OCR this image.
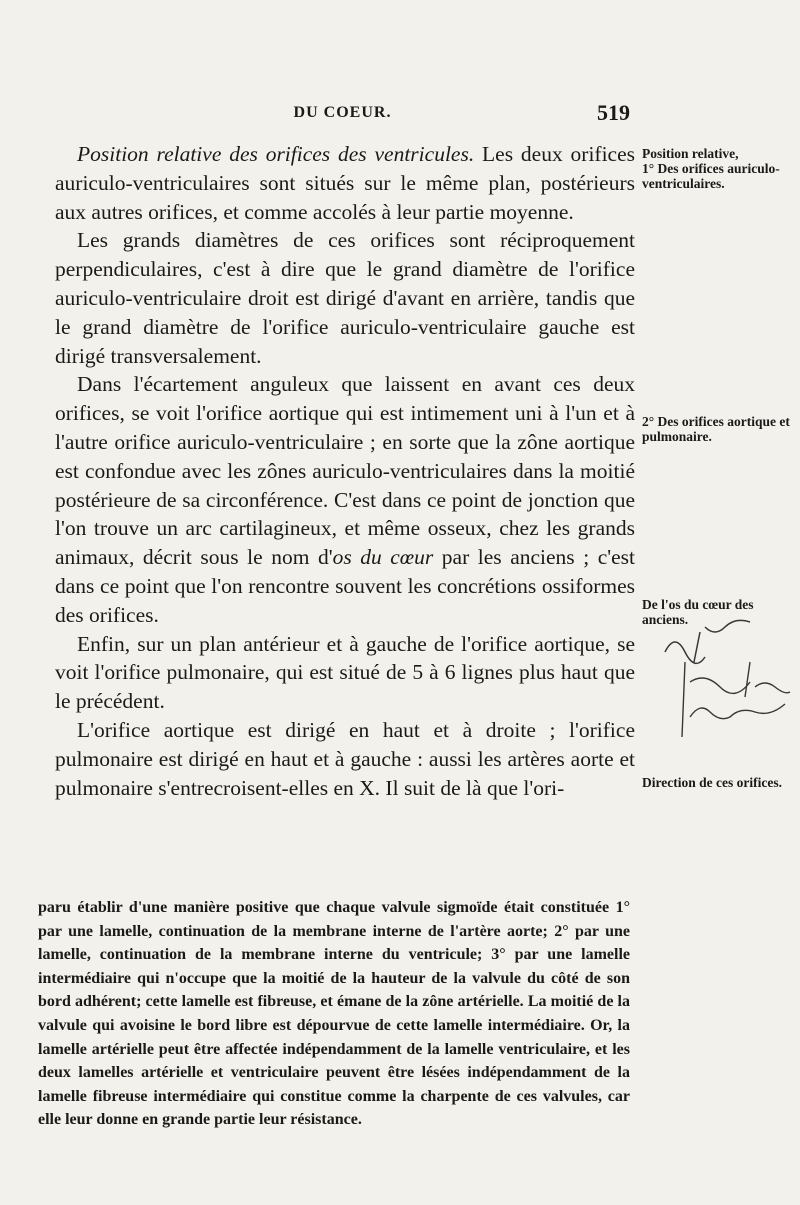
DU COEUR.	519

Position relative des orifices des ventricules. Les deux orifices auriculo-ventriculaires sont situés sur le même plan, postérieurs aux autres orifices, et comme accolés à leur partie moyenne.

Les grands diamètres de ces orifices sont réciproquement perpendiculaires, c'est à dire que le grand diamètre de l'orifice auriculo-ventriculaire droit est dirigé d'avant en arrière, tandis que le grand diamètre de l'orifice auriculo-ventriculaire gauche est dirigé transversalement.

Dans l'écartement anguleux que laissent en avant ces deux orifices, se voit l'orifice aortique qui est intimement uni à l'un et à l'autre orifice auriculo-ventriculaire ; en sorte que la zône aortique est confondue avec les zônes auriculo-ventriculaires dans la moitié postérieure de sa circonférence. C'est dans ce point de jonction que l'on trouve un arc cartilagineux, et même osseux, chez les grands animaux, décrit sous le nom d'os du cœur par les anciens ; c'est dans ce point que l'on rencontre souvent les concrétions ossiformes des orifices.

Enfin, sur un plan antérieur et à gauche de l'orifice aortique, se voit l'orifice pulmonaire, qui est situé de 5 à 6 lignes plus haut que le précédent.

L'orifice aortique est dirigé en haut et à droite ; l'orifice pulmonaire est dirigé en haut et à gauche : aussi les artères aorte et pulmonaire s'entrecroisent-elles en X. Il suit de là que l'ori-

Position relative,
1° Des orifices auriculo-ventriculaires.
2° Des orifices aortique et pulmonaire.
De l'os du cœur des anciens.
Direction de ces orifices.

paru établir d'une manière positive que chaque valvule sigmoïde était constituée 1° par une lamelle, continuation de la membrane interne de l'artère aorte; 2° par une lamelle, continuation de la membrane interne du ventricule; 3° par une lamelle intermédiaire qui n'occupe que la moitié de la hauteur de la valvule du côté de son bord adhérent; cette lamelle est fibreuse, et émane de la zône artérielle. La moitié de la valvule qui avoisine le bord libre est dépourvue de cette lamelle intermédiaire. Or, la lamelle artérielle peut être affectée indépendamment de la lamelle ventriculaire, et les deux lamelles artérielle et ventriculaire peuvent être lésées indépendamment de la lamelle fibreuse intermédiaire qui constitue comme la charpente de ces valvules, car elle leur donne en grande partie leur résistance.
